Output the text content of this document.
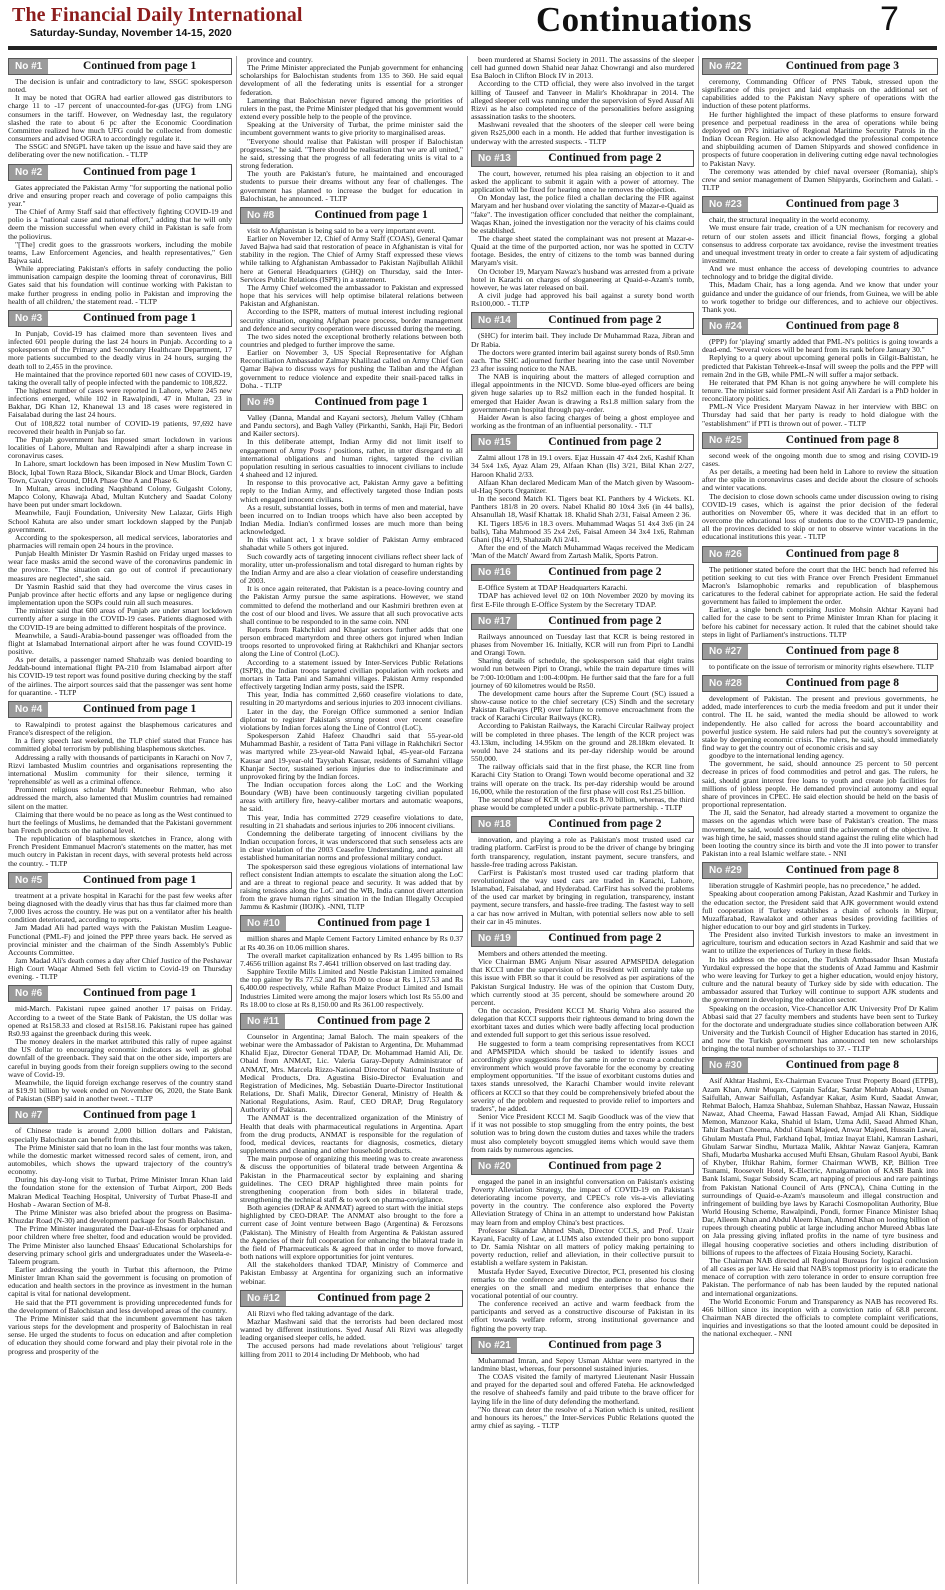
The Financial Daily International
Saturday-Sunday, November 14-15, 2020	Continuations	7
No #1	Continued from page 1

The decision is unfair and contradictory to law, SSGC spokesperson noted.

It may be noted that OGRA had earlier allowed gas distributors to charge 11 to -17 percent of unaccounted-for-gas (UFG) from LNG consumers in the tariff. However, on Wednesday last, the regulatory slashed the rate to about 6 pc after the Economic Coordination Committee realized how much UFG could be collected from domestic consumers and advised OGRA to accordingly regulate it.

The SSGC and SNGPL have taken up the issue and have said they are deliberating over the new notification. - TLTP

No #2	Continued from page 1

Gates appreciated the Pakistan Army "for supporting the national polio drive and ensuring proper reach and coverage of polio campaigns this year."

The Chief of Army Staff said that effectively fighting COVID-19 and polio is a "national cause and national effort," adding that he will only deem the mission successful when every child in Pakistan is safe from the poliovirus.

"[The] credit goes to the grassroots workers, including the mobile teams, Law Enforcement Agencies, and health representatives," Gen Bajwa said.

While appreciating Pakistan's efforts in safely conducting the polio immunisation campaign despite the looming threat of coronavirus, Bill Gates said that his foundation will continue working with Pakistan to make further progress in ending polio in Pakistan and improving the health of all children,' the statement read. - TLTP

No #3	Continued from page 1

In Punjab, Covid-19 has claimed more than seventeen lives and infected 601 people during the last 24 hours in Punjab. According to a spokesperson of the Primary and Secondary Healthcare Department, 17 more patients succumbed to the deadly virus in 24 hours, surging the death toll to 2,455 in the province.

He maintained that the province reported 601 new cases of COVID-19, taking the overall tally of people infected with the pandemic to 108,822.

The highest number of cases were reported in Lahore, where 245 new infections emerged, while 102 in Rawalpindi, 47 in Multan, 23 in Bakhar, DG Khan 12, Khanewal 13 and 18 cases were registered in Faisalabad during the last 24 hours.

Out of 108,822 total number of COVID-19 patients, 97,692 have recovered their health in Punjab so far.

The Punjab government has imposed smart lockdown in various localities of Lahore, Multan and Rawalpindi after a sharp increase in coronavirus cases.

In Lahore, smart lockdown has been imposed in New Muslim Town C Block, Iqbal Town Raza Block, Sikandar Block and Umar Block, Garden Town, Cavalry Ground, DHA Phase One A and Phase 6.

In Multan, areas including Naqshband Colony, Gulgasht Colony, Mapco Colony, Khawaja Abad, Multan Kutchery and Saadat Colony have been put under smart lockdown.

Meanwhile, Fauji Foundation, University New Lalazar, Girls High School Kahuta are also under smart lockdown slapped by the Punjab government.

According to the spokesperson, all medical services, laboratories and pharmacies will remain open 24 hours in the province.

Punjab Health Minister Dr Yasmin Rashid on Friday urged masses to wear face masks amid the second wave of the coronavirus pandemic in the province. "The situation can go out of control if precautionary measures are neglected", she said.

Dr Yasmin Rashid said that they had overcome the virus cases in Punjab province after hectic efforts and any lapse or negligence during implementation upon the SOPs could ruin all such measures.

The minister said that 600 areas of Punjab are under smart lockdown currently after a surge in the COVID-19 cases. Patients diagnosed with the COVID-19 are being admitted to different hospitals of the province.

Meanwhile, a Saudi-Arabia-bound passenger was offloaded from the flight at Islamabad International airport after he was found COVID-19 positive.

As per details, a passenger named Shahzaib was denied boarding to Jeddah-bound international flight PA-210 from Islamabad airport after his COVID-19 test report was found positive during checking by the staff of the airlines. The airport sources said that the passenger was sent home for quarantine. - TLTP

No #4	Continued from page 1

to Rawalpindi to protest against the blasphemous caricatures and France's disrespect of the religion.

In a fiery speech last weekend, the TLP chief stated that France has committed global terrorism by publishing blasphemous sketches.

Addressing a rally with thousands of participants in Karachi on Nov 7, Rizvi lambasted Muslim countries and organisations representing the international Muslim community for their silence, terming it 'reprehensible' as well as a criminal offence.

Prominent religious scholar Mufti Muneebur Rehman, who also addressed the march, also lamented that Muslim countries had remained silent on the matter.

Claiming that there would be no peace as long as the West continued to hurt the feelings of Muslims, he demanded that the Pakistani government ban French products on the national level.

The republication of blasphemous sketches in France, along with French President Emmanuel Macron's statements on the matter, has met much outcry in Pakistan in recent days, with several protests held across the country. - TLTP

No #5	Continued from page 1

treatment at a private hospital in Karachi for the past few weeks after being diagnosed with the deadly virus that has thus far claimed more than 7,000 lives across the country. He was put on a ventilator after his health condition deteriorated, according to reports.

Jam Madad Ali had parted ways with the Pakistan Muslim League-Functional (PML-F) and joined the PPP three years back. He served as provincial minister and the chairman of the Sindh Assembly's Public Accounts Committee.

Jam Madad Ali's death comes a day after Chief Justice of the Peshawar High Court Waqar Ahmed Seth fell victim to Covid-19 on Thursday evening. - TLTP

No #6	Continued from page 1

mid-March. Pakistani rupee gained another 17 paisas on Friday. According to a tweet of the State Bank of Pakistan, the US dollar was opened at Rs158.33 and closed at Rs158.16. Pakistani rupee has gained Rs0.93 against the greenback during this week.

The money dealers in the market attributed this rally of rupee against the US dollar to encouraging economic indicators as well as global downfall of the greenback. They said that on the other side, importers are careful in buying goods from their foreign suppliers owing to the second wave of Covid-19.

Meanwhile, the liquid foreign exchange reserves of the country stand at $19.91 billion by week ended on November 06, 2020, the State Bank of Pakistan (SBP) said in another tweet. - TLTP

No #7	Continued from page 1

of Chinese trade is around 2,000 billion dollars and Pakistan, especially Balochistan can benefit from this.

The Prime Minister said that no loan in the last four months was taken, while the domestic market witnessed record sales of cement, iron, and automobiles, which shows the upward trajectory of the country's economy.

During his day-long visit to Turbat, Prime Minister Imran Khan laid the foundation stone for the extension of Turbat Airport, 200 Beds Makran Medical Teaching Hospital, University of Turbat Phase-II and Hoshab - Awaran Section of M-8.

The Prime Minister was also briefed about the progress on Basima-Khuzdar Road (N-30) and development package for South Balochistan.

The Prime Minister inaugurated the Daar-ul-Ehsaas for orphaned and poor children where free shelter, food and education would be provided. The Prime Minister also launched Ehsaas' Educational Scholarships for deserving primary school girls and undergraduates under the Waseela-e-Taleem program.

Earlier addressing the youth in Turbat this afternoon, the Prime Minister Imran Khan said the government is focusing on promotion of education and health sectors in the province as investment in the human capital is vital for national development.

He said that the PTI government is providing unprecedented funds for the development of Balochistan and less developed areas of the country.

The Prime Minister said that the incumbent government has taken various steps for the development and prosperity of Balochistan in real sense. He urged the students to focus on education and after completion of education they should come forward and play their pivotal role in the progress and prosperity of the

province and country.

The Prime Minister appreciated the Punjab government for enhancing scholarships for Balochistan students from 135 to 360. He said equal development of all the federating units is essential for a stronger federation.

Lamenting that Balochistan never figured among the priorities of rulers in the past, the Prime Minister pledged that his government would extend every possible help to the people of the province.

Speaking at the University of Turbat, the prime minister said the incumbent government wants to give priority to marginalised areas.

"Everyone should realise that Pakistan will prosper if Balochistan progresses," he said. "There should be realisation that we are all united," he said, stressing that the progress of all federating units is vital to a strong federation.

The youth are Pakistan's future, he maintained and encouraged students to pursue their dreams without any fear of challenges. The government has planned to increase the budget for education in Balochistan, he announced. - TLTP

No #8	Continued from page 1

visit to Afghanistan is being said to be a very important event.

Earlier on November 12, Chief of Army Staff (COAS), General Qamar Javed Bajwa had said that restoration of peace in Afghanistan is vital for stability in the region. The Chief of Army Staff expressed these views while talking to Afghanistan Ambassador to Pakistan Najibullah Alikhil here at General Headquarters (GHQ) on Thursday, said the Inter-Services Public Relations (ISPR) in a statement.

The Army Chief welcomed the ambassador to Pakistan and expressed hope that his services will help optimise bilateral relations between Pakistan and Afghanistan.

According to the ISPR, matters of mutual interest including regional security situation, ongoing Afghan peace process, border management and defence and security cooperation were discussed during the meeting.

The two sides noted the exceptional brotherly relations between both countries and pledged to further improve the same.

Earlier on November 3, US Special Representative for Afghan Reconciliation Ambassador Zalmay Khalilzad called on Army Chief Gen Qamar Bajwa to discuss ways for pushing the Taliban and the Afghan government to reduce violence and expedite their snail-paced talks in Doha. - TLTP

No #9	Continued from page 1

Valley (Danna, Mandal and Kayani sectors), Jhelum Valley (Chham and Pandu sectors), and Bagh Valley (Pirkanthi, Sankh, Haji Pir, Bedori and Kailer sectors).

In this deliberate attempt, Indian Army did not limit itself to engagement of Army Posts / positions, rather, in utter disregard to all international obligations and human rights, targeted the civilian population resulting in serious casualties to innocent civilians to include 4 shaheed and 12 injured.

In response to this provocative act, Pakistan Army gave a befitting reply to the Indian Army, and effectively targeted those Indian posts which engaged innocent civilians.

As a result, substantial losses, both in terms of men and material, have been incurred on to Indian troops which have also been accepted by Indian Media. Indian's confirmed losses are much more than being acknowledged.

In this valiant act, 1 x brave soldier of Pakistan Army embraced shahadat while 5 others got injured.

Such cowardly acts of targeting innocent civilians reflect sheer lack of morality, utter un-professionalism and total disregard to human rights by the Indian Army and are also a clear violation of ceasefire understanding of 2003.

It is once again reiterated, that Pakistan is a peace-loving country and the Pakistan Army pursue the same aspirations. However, we stand committed to defend the motherland and our Kashmiri brethren even at the cost of our blood and lives. We assure that all such provocative acts shall continue to be responded to in the same coin. NNI

Reports from Rakhchikri and Khanjar sectors further adds that one person embraced martyrdom and three others got injured when Indian troops resorted to unprovoked firing at Rakhchikri and Khanjar sectors along the Line of Control (LoC).

According to a statement issued by Inter-Services Public Relations (ISPR), the Indian troops targeted civilian population with rockets and mortars in Tatta Pani and Samahni villages. Pakistan Army responded effectively targeting Indian army posts, said the ISPR.

This year, India has committed 2,660 ceasefire violations to date, resulting in 20 martyrdoms and serious injuries to 203 innocent civilians.

Later in the day, the Foreign Office summoned a senior Indian diplomat to register Pakistan's strong protest over recent ceasefire violations by Indian forces along the Line of Control (LoC).

Spokesperson Zahid Hafeez Chaudhri said that 55-year-old Muhammad Bashir, a resident of Tatta Pani village in Rakhchikri Sector was martyred while 23-year-old Nawaid Iqbal, 45-year-old Farzana Kausar and 19-year-old Tayyabah Kausar, residents of Samahni village Khanjar Sector, sustained serious injuries due to indiscriminate and unprovoked firing by the Indian forces.

The Indian occupation forces along the LoC and the Working Boundary (WB) have been continuously targeting civilian populated areas with artillery fire, heavy-caliber mortars and automatic weapons, he said.

This year, India has committed 2729 ceasefire violations to date, resulting in 21 shahadats and serious injuries to 206 innocent civilians.

Condemning the deliberate targeting of innocent civilians by the Indian occupation forces, it was underscored that such senseless acts are in clear violation of the 2003 Ceasefire Understanding, and against all established humanitarian norms and professional military conduct.

The spokesperson said these egregious violations of international law reflect consistent Indian attempts to escalate the situation along the LoC and are a threat to regional peace and security. It was added that by raising tensions along the LoC and the WB, India cannot divert attention from the grave human rights situation in the Indian Illegally Occupied Jammu & Kashmir (IIOJK). -NNI, TLTP

No #10	Continued from page 1

million shares and Maple Cement Factory Limited enhance by Rs 0.37 at Rs 40.36 on 10.06 million shares.

The overall market capitalization enhanced by Rs 1.495 billion to Rs 7.4656 trillion against Rs 7.4641 trillion observed on last trading day.

Sapphire Textile Mills Limited and Nestle Pakistan Limited remained the top gainer by Rs 77.52 and Rs 70.00 to close at Rs 1,137.53 and Rs 6,400.00 respectively, while Rafhan Maize Product Limited and Ismail Industries Limited were among the major losers which lost Rs 55.00 and Rs 18.00 to close at Rs 8,150.00 and Rs 361.00 respectively.

No #11	Continued from page 2

Counselor in Argentina; Jamal Baloch. The main speakers of the webinar were the Ambassador of Pakistan to Argentina, Dr. Muhammad Khalid Ejaz, Director General TDAP, Dr. Mohammad Hamid Ali, Dr. Obaid from ANMAT, Lic. Valeria Garay-Deputy Administrator of ANMAT, Mrs. Marcela Rizzo-National Director of National Institute of Medical Products, Dra. Agustina Bisio-Director Evaluation and Registration of Medicines, Mg. Sebastián Duarte-Director Institutional Relations, Dr. Shafi Malik, Director General, Ministry of Health & National Regulations, Asim. Rauf, CEO DRAP, Drug Regulatory Authority of Pakistan.

The ANMAT is the decentralized organization of the Ministry of Health that deals with pharmaceutical regulations in Argentina. Apart from the drug products, ANMAT is responsible for the regulation of food, medical devices, reactants for diagnosis, cosmetics, dietary supplements and cleaning and other household products.

The main purpose of organizing this meeting was to create awareness & discuss the opportunities of bilateral trade between Argentina & Pakistan in the Pharmaceutical sector by explaining and sharing guidelines. The CEO DRAP highlighted three main points for strengthening cooperation from both sides in bilateral trade, strengthening the technical staff & to work on pharma-covigilance.

Both agencies (DRAP & ANMAT) agreed to start with the initial steps highlighted by CEO-DRAP. The ANMAT also brought to the fore a current case of Joint venture between Bago (Argentina) & Ferozsons (Pakistan). The Ministry of Health from Argentina & Pakistan assured the Agencies of their full cooperation for enhancing the bilateral trade in the field of Pharmaceuticals & agreed that in order to move forward, both nations will explore opportunities for joint ventures.

All the stakeholders thanked TDAP, Ministry of Commerce and Pakistan Embassy at Argentina for organizing such an informative webinar.

No #12	Continued from page 2

Ali Rizvi who fled taking advantage of the dark.

Mazhar Mashwani said that the terrorists had been declared most wanted by different institutions. Syed Ausaf Ali Rizvi was allegedly leading organised sleeper cells, he added.

The accused persons had made revelations about 'religious' target killing from 2011 to 2014 including Dr Mehboob, who had

been murdered at Shamsi Society in 2011. The assassins of the sleeper cell had gunned down Shahid near Jahaz Chowrangi and also murdered Esa Baloch in Clifton Block IV in 2013.

According to the CTD official, they were also involved in the target killing of Tauseef and Tanveer in Malir's Khokhrapar in 2014. The alleged sleeper cell was running under the supervision of Syed Ausaf Ali Rizvi as he also completed recce of the personalities before assigning assassination tasks to the shooters.

Mashwani revealed that the shooters of the sleeper cell were being given Rs25,000 each in a month. He added that further investigation is underway with the arrested suspects. - TLTP

No #13	Continued from page 2

The court, however, returned his plea raising an objection to it and asked the applicant to submit it again with a power of attorney. The application will be fixed for hearing once he removes the objection.

On Monday last, the police filed a challan declaring the FIR against Maryam and her husband over violating the sanctity of Mazar-e-Quaid as "fake". The investigation officer concluded that neither the complainant, Waqas Khan, joined the investigation nor the veracity of his claims could be established.

The charge sheet stated the complainant was not present at Mazar-e-Quaid at the time of the purported action, nor was he spotted in CCTV footage. Besides, the entry of citizens to the tomb was banned during Maryam's visit.

On October 19, Maryam Nawaz's husband was arrested from a private hotel in Karachi on charges of sloganeering at Quaid-e-Azam's tomb, however, he was later released on bail.

A civil judge had approved his bail against a surety bond worth Rs100,000. - TLTP

No #14	Continued from page 2

(SHC) for interim bail. They include Dr Muhammad Raza, Jibran and Dr Rabia.

The doctors were granted interim bail against surety bonds of Rs0.5mn each. The SHC adjourned further hearing into the case until November 23 after issuing notice to the NAB.

The NAB is inquiring about the matters of alleged corruption and illegal appointments in the NICVD. Some blue-eyed officers are being given huge salaries up to Rs2 million each in the funded hospital. It emerged that Haider Awan is drawing a Rs1.8 million salary from the government-run hospital through pay-order.

Haider Awan is also facing charges of being a ghost employee and working as the frontman of an influential personality. - TLT

No #15	Continued from page 2

Zalmi allout 178 in 19.1 overs. Ejaz Hussain 47 4x4 2x6, Kashif Khan 34 5x4 1x6, Ayaz Alam 29, Alfaan Khan (Ils) 3/21, Bilal Khan 2/27, Haroon Khalid 2/33.

Alfaan Khan declared Medicam Man of the Match given by Wasoom-ul-Haq Sports Organizer.

In the second Match KL Tigers beat KL Panthers by 4 Wickets. KL Panthers 181/8 in 20 overs. Nabel Khalid 80 10x4 3x6 (in 44 balls), Ahsanullah 18, Wasif Khattak 18. Khalid Shah 2/31, Faisal Ameen 2 36.

KL Tigers 185/6 in 18.3 overs. Muhammad Waqas 51 4x4 3x6 (in 24 balls), Taha Mahmood 35 2x4 2x6, Faisal Ameen 34 3x4 1x6, Rahman Ghani (Ils) 4/19, Shahzaib Ali 2/41.

After the end of the Match Muhammad Waqas received the Medicam 'Man of the Match' Award from Zartash Malik, Sports Patron.

No #16	Continued from page 2

E-Office System at TDAP Headquarters Karachi.

TDAP has achieved level 02 on 10th November 2020 by moving its first E-File through E-Office System by the Secretary TDAP.

No #17	Continued from page 2

Railways announced on Tuesday last that KCR is being restored in phases from November 16. Initially, KCR will run from Pipri to Landhi and Orangi Town.

Sharing details of schedule, the spokesperson said that eight trains would run between Pipri to Orangi, while the train departure times will be 7:00-10:00am and 1:00-4:00pm. He further said that the fare for a full journey of 60 kilometres would be Rs50.

The development came hours after the Supreme Court (SC) issued a show-cause notice to the chief secretary (CS) Sindh and the secretary Pakistan Railways (PR) over failure to remove encroachment from the track of Karachi Circular Railways (KCR).

According to Pakistan Railways, the Karachi Circular Railway project will be completed in three phases. The length of the KCR project was 43.13km, including 14.95km on the ground and 28.18km elevated. It would have 24 stations and its per-day ridership would be around 550,000.

The railway officials said that in the first phase, the KCR line from Karachi City Station to Orangi Town would become operational and 32 trains will operate on the track. Its per-day ridership would be around 16,000, while the restoration of the first phase will cost Rs1.25 billion.

The second phase of KCR will cost Rs 8.70 billion, whereas, the third phase would be completed under a public-private partnership. - TLTP

No #18	Continued from page 2

innovation, and playing a role as Pakistan's most trusted used car trading platform. CarFirst is proud to be the driver of change by bringing forth transparency, regulation, instant payment, secure transfers, and hassle-free trading across Pakistan.

CarFirst is Pakistan's most trusted used car trading platform that revolutionized the way used cars are traded in Karachi, Lahore, Islamabad, Faisalabad, and Hyderabad. CarFirst has solved the problems of the used car market by bringing in regulation, transparency, instant payment, secure transfers, and hassle-free trading. The fastest way to sell a car has now arrived in Multan, with potential sellers now able to sell their car in 45 minutes.

No #19	Continued from page 2

Members and others attended the meeting.

Vice Chairman BMG Anjum Nisar assured APMSPIDA delegation that KCCI under the supervision of its President will certainly take up this issue with FBR so that it could be resolved as per aspirations of the Pakistan Surgical Industry. He was of the opinion that Custom Duty, which currently stood at 35 percent, should be somewhere around 20 percent.

On the occasion, President KCCI M. Shariq Vohra also assured the delegation that KCCI supports their righteous demand to bring down the exorbitant taxes and duties which were badly affecting local production and extended full support to get this serious issue resolved.

He suggested to form a team comprising representatives from KCCI and APMSPIDA which should be tasked to identify issues and accordingly give suggestions for the same in order to create a conducive environment which would prove favorable for the economy by creating employment opportunities. "If the issue of exorbitant customs duties and taxes stands unresolved, the Karachi Chamber would invite relevant officers at KCCI so that they could be comprehensively briefed about the severity of the problem and requested to provide relief to importers and traders", he added.

Senior Vice President KCCI M. Saqib Goodluck was of the view that if it was not possible to stop smuggling from the entry points, the best solution was to bring down the custom duties and taxes while the traders must also completely boycott smuggled items which would save them from raids by numerous agencies.

No #20	Continued from page 2

engaged the panel in an insightful conversation on Pakistan's existing Poverty Alleviation Strategy, the impact of COVID-19 on Pakistan's deteriorating income poverty, and CPEC's role vis-a-vis alleviating poverty in the country. The conference also explored the Poverty Alleviation Strategy of China in an attempt to understand how Pakistan may learn from and employ China's best practices.

Professor Sikandar Ahmed Shah, Director CCLS, and Prof. Uzair Kayani, Faculty of Law, at LUMS also extended their pro bono support to Dr. Samia Nishtar on all matters of policy making pertaining to poverty reduction, relief and alleviation, in their collective pursuit to establish a welfare system in Pakistan.

Mustafa Hyder Sayed, Executive Director, PCI, presented his closing remarks to the conference and urged the audience to also focus their energies on the small and medium enterprises that enhance the vocational potential of our country.

The conference received an active and warm feedback from the participants and served as a constructive discourse of Pakistan in its effort towards welfare reform, strong institutional governance and fighting the poverty trap.

No #21	Continued from page 3

Muhammad Imran, and Sepoy Usman Akhtar were martyred in the landmine blast, whereas, four personnel sustained injuries.

The COAS visited the family of martyred Lieutenant Nasir Hussain and prayed for the departed soul and offered Fateha. He acknowledged the resolve of shaheed's family and paid tribute to the brave officer for laying life in the line of duty defending the motherland.

"No threat can deter the resolve of a Nation which is united, resilient and honours its heroes," the Inter-Services Public Relations quoted the army chief as saying. - TLTP

No #22	Continued from page 3

ceremony, Commanding Officer of PNS Tabuk, stressed upon the significance of this project and laid emphasis on the additional set of capabilities added to the Pakistan Navy sphere of operations with the induction of these potent platforms.

He further highlighted the impact of these platforms to ensure forward presence and perpetual readiness in the area of operations while being deployed on PN's initiative of Regional Maritime Security Patrols in the Indian Ocean Region. He also acknowledged the professional competence and shipbuilding acumen of Damen Shipyards and showed confidence in prospects of future cooperation in delivering cutting edge naval technologies to Pakistan Navy.

The ceremony was attended by chief naval overseer (Romania), ship's crew and senior management of Damen Shipyards, Gorinchem and Galati. - TLTP

No #23	Continued from page 3

chair, the structural inequality in the world economy.

We must ensure fair trade, creation of a UN mechanism for recovery and return of our stolen assets and illicit financial flows, forging a global consensus to address corporate tax avoidance, revise the investment treaties and unequal investment treaty in order to create a fair system of adjudicating investment.

And we must enhance the access of developing countries to advance technology and to bridge the digital divide.

This, Madam Chair, has a long agenda. And we know that under your guidance and under the guidance of our friends, from Guinea, we will be able to work together to bridge our differences, and to achieve our objectives. Thank you.

No #24	Continued from page 8

(PPP) for 'playing' smartly added that PML-N's politics is going towards a dead-end. "Several voices will be heard from its rank before January 30."

Replying to a query about upcoming general polls in Gilgit-Baltistan, he predicted that Pakistan Tehreek-e-Insaf will sweep the polls and the PPP will remain 2nd in the GB, while PML-N will suffer a major setback.

He reiterated that PM Khan is not going anywhere he will complete his tenure. The minister said former president Asif Ali Zardari is a PhD holder in reconciliatory politics.

PML-N Vice President Maryam Nawaz in her interview with BBC on Thursday had said that her party is ready to hold dialogue with the "establishment" if PTI is thrown out of power. - TLTP

No #25	Continued from page 8

second week of the ongoing month due to smog and rising COVID-19 cases.

As per details, a meeting had been held in Lahore to review the situation after the spike in coronavirus cases and decide about the closure of schools and winter vacations.

The decision to close down schools came under discussion owing to rising COVID-19 cases, which is against the prior decision of the federal authorities on November 05, where it was decided that in an effort to overcome the educational loss of students due to the COVID-19 pandemic, all the provinces decided to skip or not to observe winter vacations in the educational institutions this year. - TLTP

No #26	Continued from page 8

The petitioner stated before the court that the IHC bench had referred his petition seeking to cut ties with France over French President Emmanuel Macron's Islamophobic remarks and republication of blasphemous caricatures to the federal cabinet for appropriate action. He said the federal government has failed to implement the order.

Earlier, a single bench comprising Justice Mohsin Akhtar Kayani had called for the case to be sent to Prime Minister Imran Khan for placing it before his cabinet for necessary action. It ruled that the cabinet should take steps in light of Parliament's instructions. TLTP

No #27	Continued from page 8

to pontificate on the issue of terrorism or minority rights elsewhere. TLTP

No #28	Continued from page 8

development of Pakistan. The present and previous governments, he added, made interferences to curb the media freedom and put it under their control. The IL he said, wanted the media should be allowed to work independently. He also called for across the board accountability and powerful justice system. He said rulers had put the country's sovereignty at stake by deepening economic crisis. The rulers, he said, should immediately find way to get the country out of economic crisis and say

goodbye to the international lending agency.

The government, he said, should announce 25 percent to 50 percent decrease in prices of food commodities and petrol and gas. The rulers, he said, should grant interest free loans to youth and create job facilities for millions of jobless people. He demanded provincial autonomy and equal share of provinces in CPEC. He said election should be held on the basis of proportional representation.

The JI, said the Senator, had already started a movement to organize the masses on the agendas which were base of Pakistan's creation. The mass movement, he said, would continue until the achievement of the objective. It was high time, he said, masses should stand against the ruling elite which had been looting the country since its birth and vote the JI into power to transfer Pakistan into a real Islamic welfare state. - NNI

No #29	Continued from page 8

liberation struggle of Kashmiri people, has no precedence," he added.

Speaking about cooperation among Pakistan, Azad Kashmir and Turkey in the education sector, the President said that AJK government would extend full cooperation if Turkey establishes a chain of schools in Mirpur, Muzaffarabad, Rawalakot and other areas besides providing facilities of higher education to our boy and girl students in Turkey.

The President also invited Turkish investors to make an investment in agriculture, tourism and education sectors in Azad Kashmir and said that we want to utilize the experiences of Turkey in these fields.

In his address on the occasion, the Turkish Ambassador Ihsan Mustafa Yurdakul expressed the hope that the students of Azad Jammu and Kashmir who were leaving for Turkey to get a higher education, would enjoy history, culture and the natural beauty of Turkey side by side with education. The ambassador assured that Turkey will continue to support AJK students and the government in developing the education sector.

Speaking on the occasion, Vice-Chancellor AJK University Prof Dr Kalim Abbasi said that 27 faculty members and students have been sent to Turkey for the doctorate and undergraduate studies since collaboration between AJK University and the Turkish Council of Higher Education has started in 2016, and now the Turkish government has announced ten new scholarships bringing the total number of scholarships to 37. - TLTP

No #30	Continued from page 8

Asif Akhtar Hashmi, Ex-Chairman Evacuee Trust Property Board (ETPB), Azam Khan, Amir Muqam, Captain Safdar, Sardar Mehtab Abbasi, Usman Saifullah, Anwar Saifullah, Asfandyar Kakar, Asim Kurd, Saadat Anwar, Rehmat Baloch, Hamza Shahbaz, Suleman Shahbaz, Hassan Nawaz, Hussain Nawaz, Ahad Cheema, Fawad Hassan Fawad, Amjad Ali Khan, Siddique Memon, Manzoor Kaka, Shahid ul Islam, Uzma Adil, Saead Ahmed Khan, Tahir Bashart Cheema, Abdul Ghani Majeed, Anwar Majeed, Hussain Lawai, Ghulam Mustafa Phul, Farkhand Iqbal, Imtiaz Inayat Elahi, Kamran Lashari, Ghulam Sarwar Sindhu, Murtaza Malik, Akhtar Nawaz Ganjera, Kamran Shafi, Mudarba Musharka accused Mufti Ehsan, Ghulam Rasool Ayubi, Bank of Khyber, Iftikhar Rahim, former Chairman WWB, KP, Billion Tree Tsunami, Roosevelt Hotel, K-Electric, Amalgamation of KASB Bank into Bank Islami, Sugar Subsidy Scam, art napping of precious and rare paintings from Pakistan National Council of Arts (PNCA), China Cutting in the surroundings of Quaid-e-Azam's mausoleum and illegal construction and infringement of building bye laws by Karachi Cosmopolitan Authority, Blue World Housing Scheme, Rawalpindi, Pondi, former Finance Minister Ishaq Dar, Alleem Khan and Abdul Aleem Khan, Ahmed Khan on looting billion of rupees through cheating public at large including anchor Mureed Abbas late on Jala pressing giving inflated profits in the name of tyre business and illegal housing cooperative societies and others including distribution of billions of rupees to the affectees of Fizaia Housing Society, Karachi.

The Chairman NAB directed all Regional Bureaus for logical conclusion of all cases as per law. He said that NAB's topmost priority is to eradicate the menace of corruption with zero tolerance in order to ensure corruption free Pakistan. The performance of nab has been lauded by the reputed national and international organizations.

The World Economic Forum and Transparency as NAB has recovered Rs. 466 billion since its inception with a conviction ratio of 68.8 percent. Chairman NAB directed the officials to complete complaint verifications, inquiries and investigations so that the looted amount could be deposited in the national exchequer. - NNI
